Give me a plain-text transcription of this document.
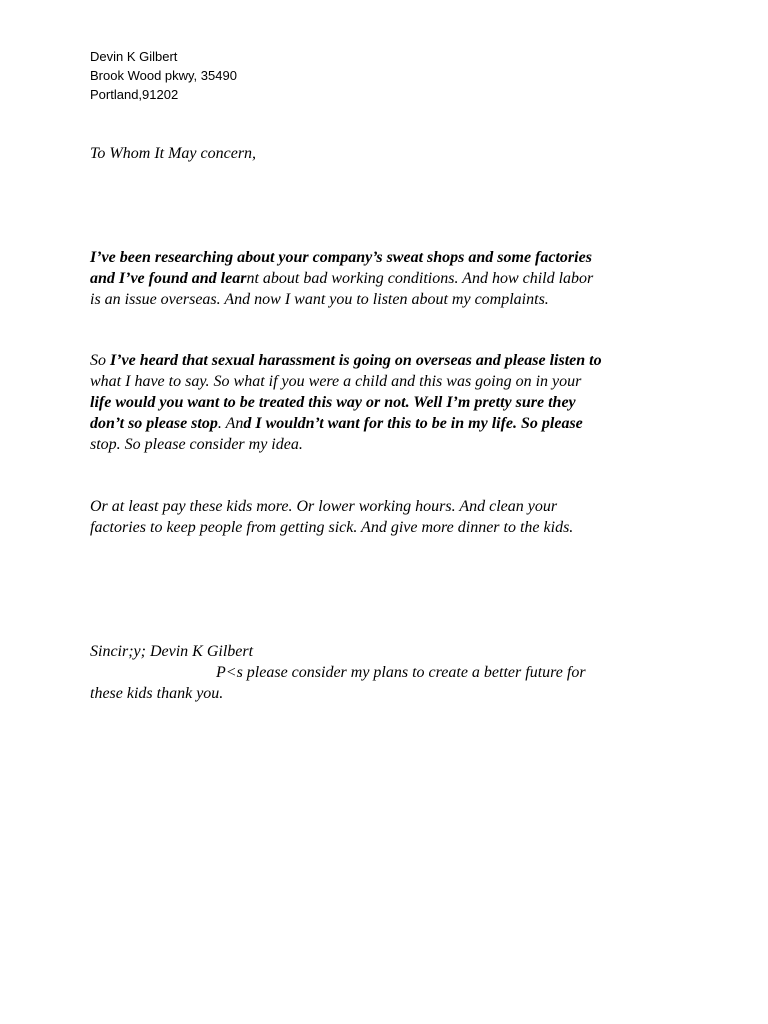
Devin K Gilbert
Brook Wood pkwy, 35490
Portland,91202
To Whom It May concern,
I’ve been researching about your company’s sweat shops and some factories
and I’ve found and learnt about bad working conditions. And how child labor
is an issue overseas. And now I want you to listen about my complaints.
So I’ve heard that sexual harassment is going on overseas and please listen to
what I have to say. So what if you were a child and this was going on in your
life would you want to be treated this way or not. Well I’m pretty sure they
don’t so please stop. And I wouldn’t want for this to be in my life. So please
stop. So please consider my idea.
Or at least pay these kids more. Or lower working hours. And clean your
factories to keep people from getting sick. And give more dinner to the kids.
Sincir;y; Devin K Gilbert
P<s please consider my plans to create a better future for
these kids thank you.
